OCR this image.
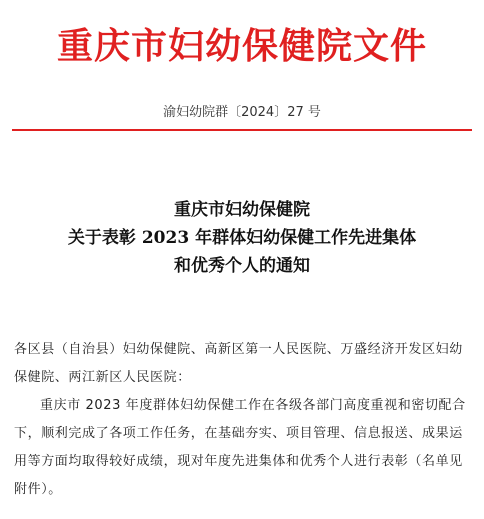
重庆市妇幼保健院文件
渝妇幼院群〔2024〕27 号
重庆市妇幼保健院
关于表彰 2023 年群体妇幼保健工作先进集体
和优秀个人的通知

各区县（自治县）妇幼保健院、高新区第一人民医院、万盛经济开发区妇幼保健院、两江新区人民医院：

重庆市 2023 年度群体妇幼保健工作在各级各部门高度重视和密切配合下，顺利完成了各项工作任务，在基础夯实、项目管理、信息报送、成果运用等方面均取得较好成绩，现对年度先进集体和优秀个人进行表彰（名单见附件）。
